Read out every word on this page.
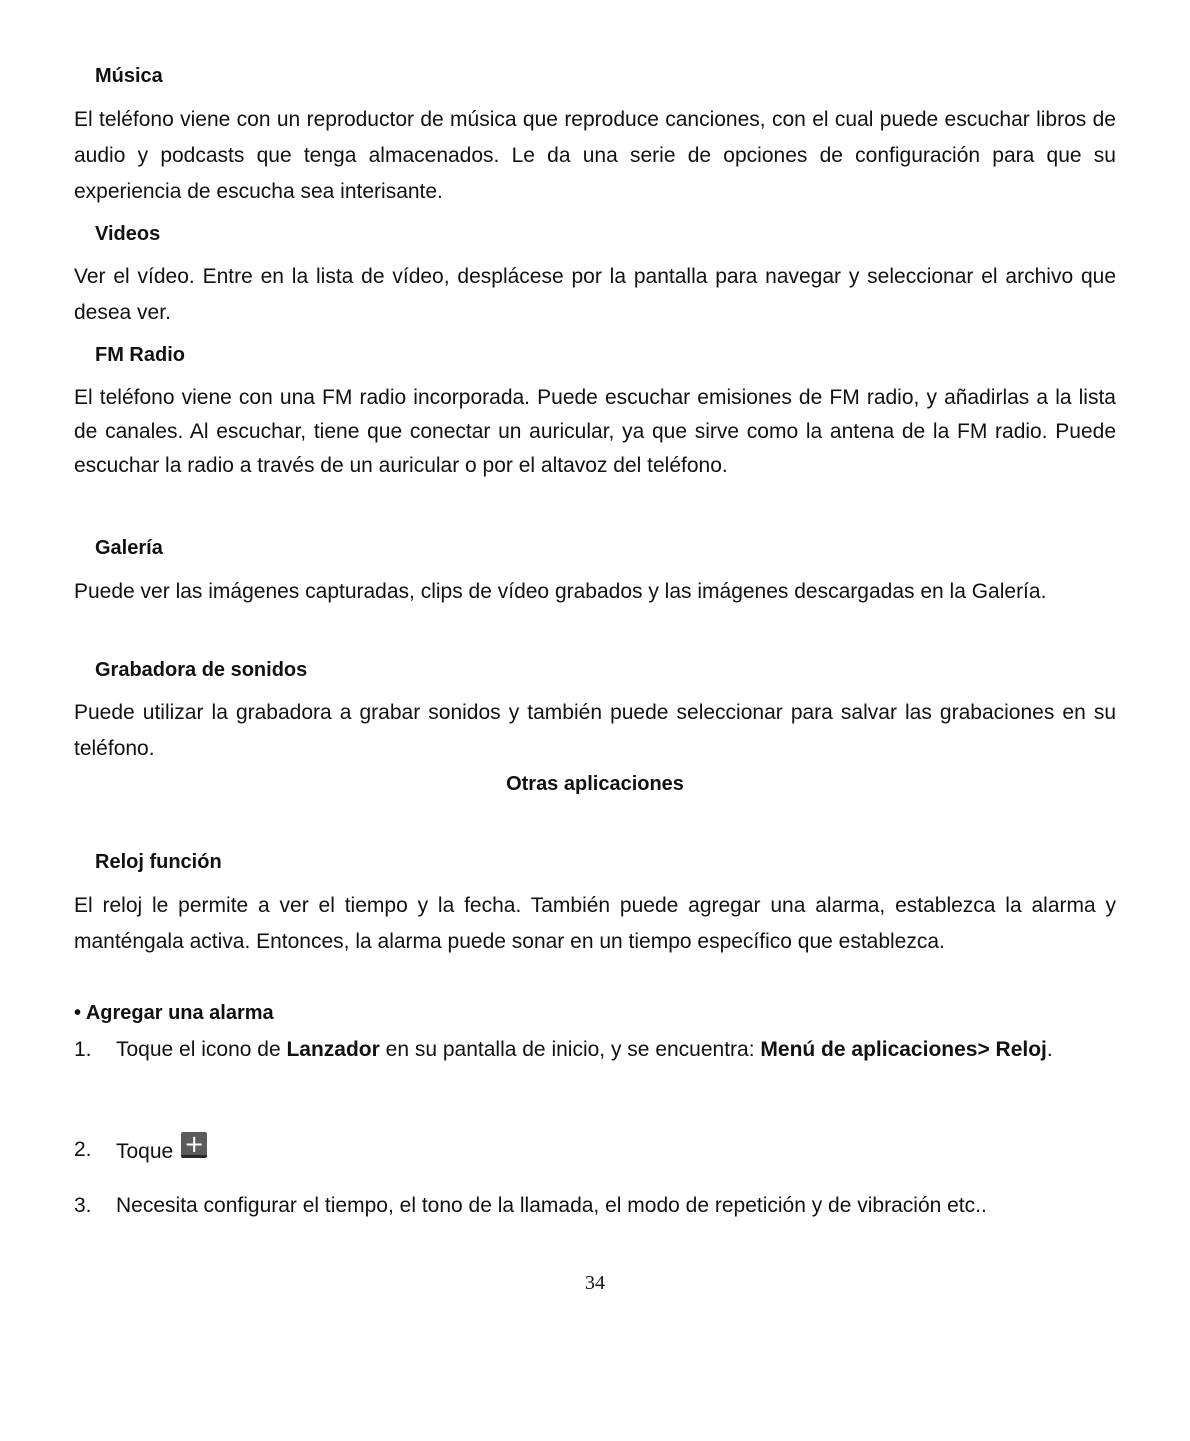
Música
El teléfono viene con un reproductor de música que reproduce canciones, con el cual puede escuchar libros de audio y podcasts que tenga almacenados. Le da una serie de opciones de configuración para que su experiencia de escucha sea interisante.
Videos
Ver el vídeo. Entre en la lista de vídeo, desplácese por la pantalla para navegar y seleccionar el archivo que desea ver.
FM Radio
El teléfono viene con una FM radio incorporada. Puede escuchar emisiones de FM radio, y añadirlas a la lista de canales. Al escuchar, tiene que conectar un auricular, ya que sirve como la antena de la FM radio. Puede escuchar la radio a través de un auricular o por el altavoz del teléfono.
Galería
Puede ver las imágenes capturadas, clips de vídeo grabados y las imágenes descargadas en la Galería.
Grabadora de sonidos
Puede utilizar la grabadora a grabar sonidos y también puede seleccionar para salvar las grabaciones en su teléfono.
Otras aplicaciones
Reloj función
El reloj le permite a ver el tiempo y la fecha. También puede agregar una alarma, establezca la alarma y manténgala activa. Entonces, la alarma puede sonar en un tiempo específico que establezca.
• Agregar una alarma
1. Toque el icono de Lanzador en su pantalla de inicio, y se encuentra: Menú de aplicaciones> Reloj.
2. Toque +
3. Necesita configurar el tiempo, el tono de la llamada, el modo de repetición y de vibración etc..
34
